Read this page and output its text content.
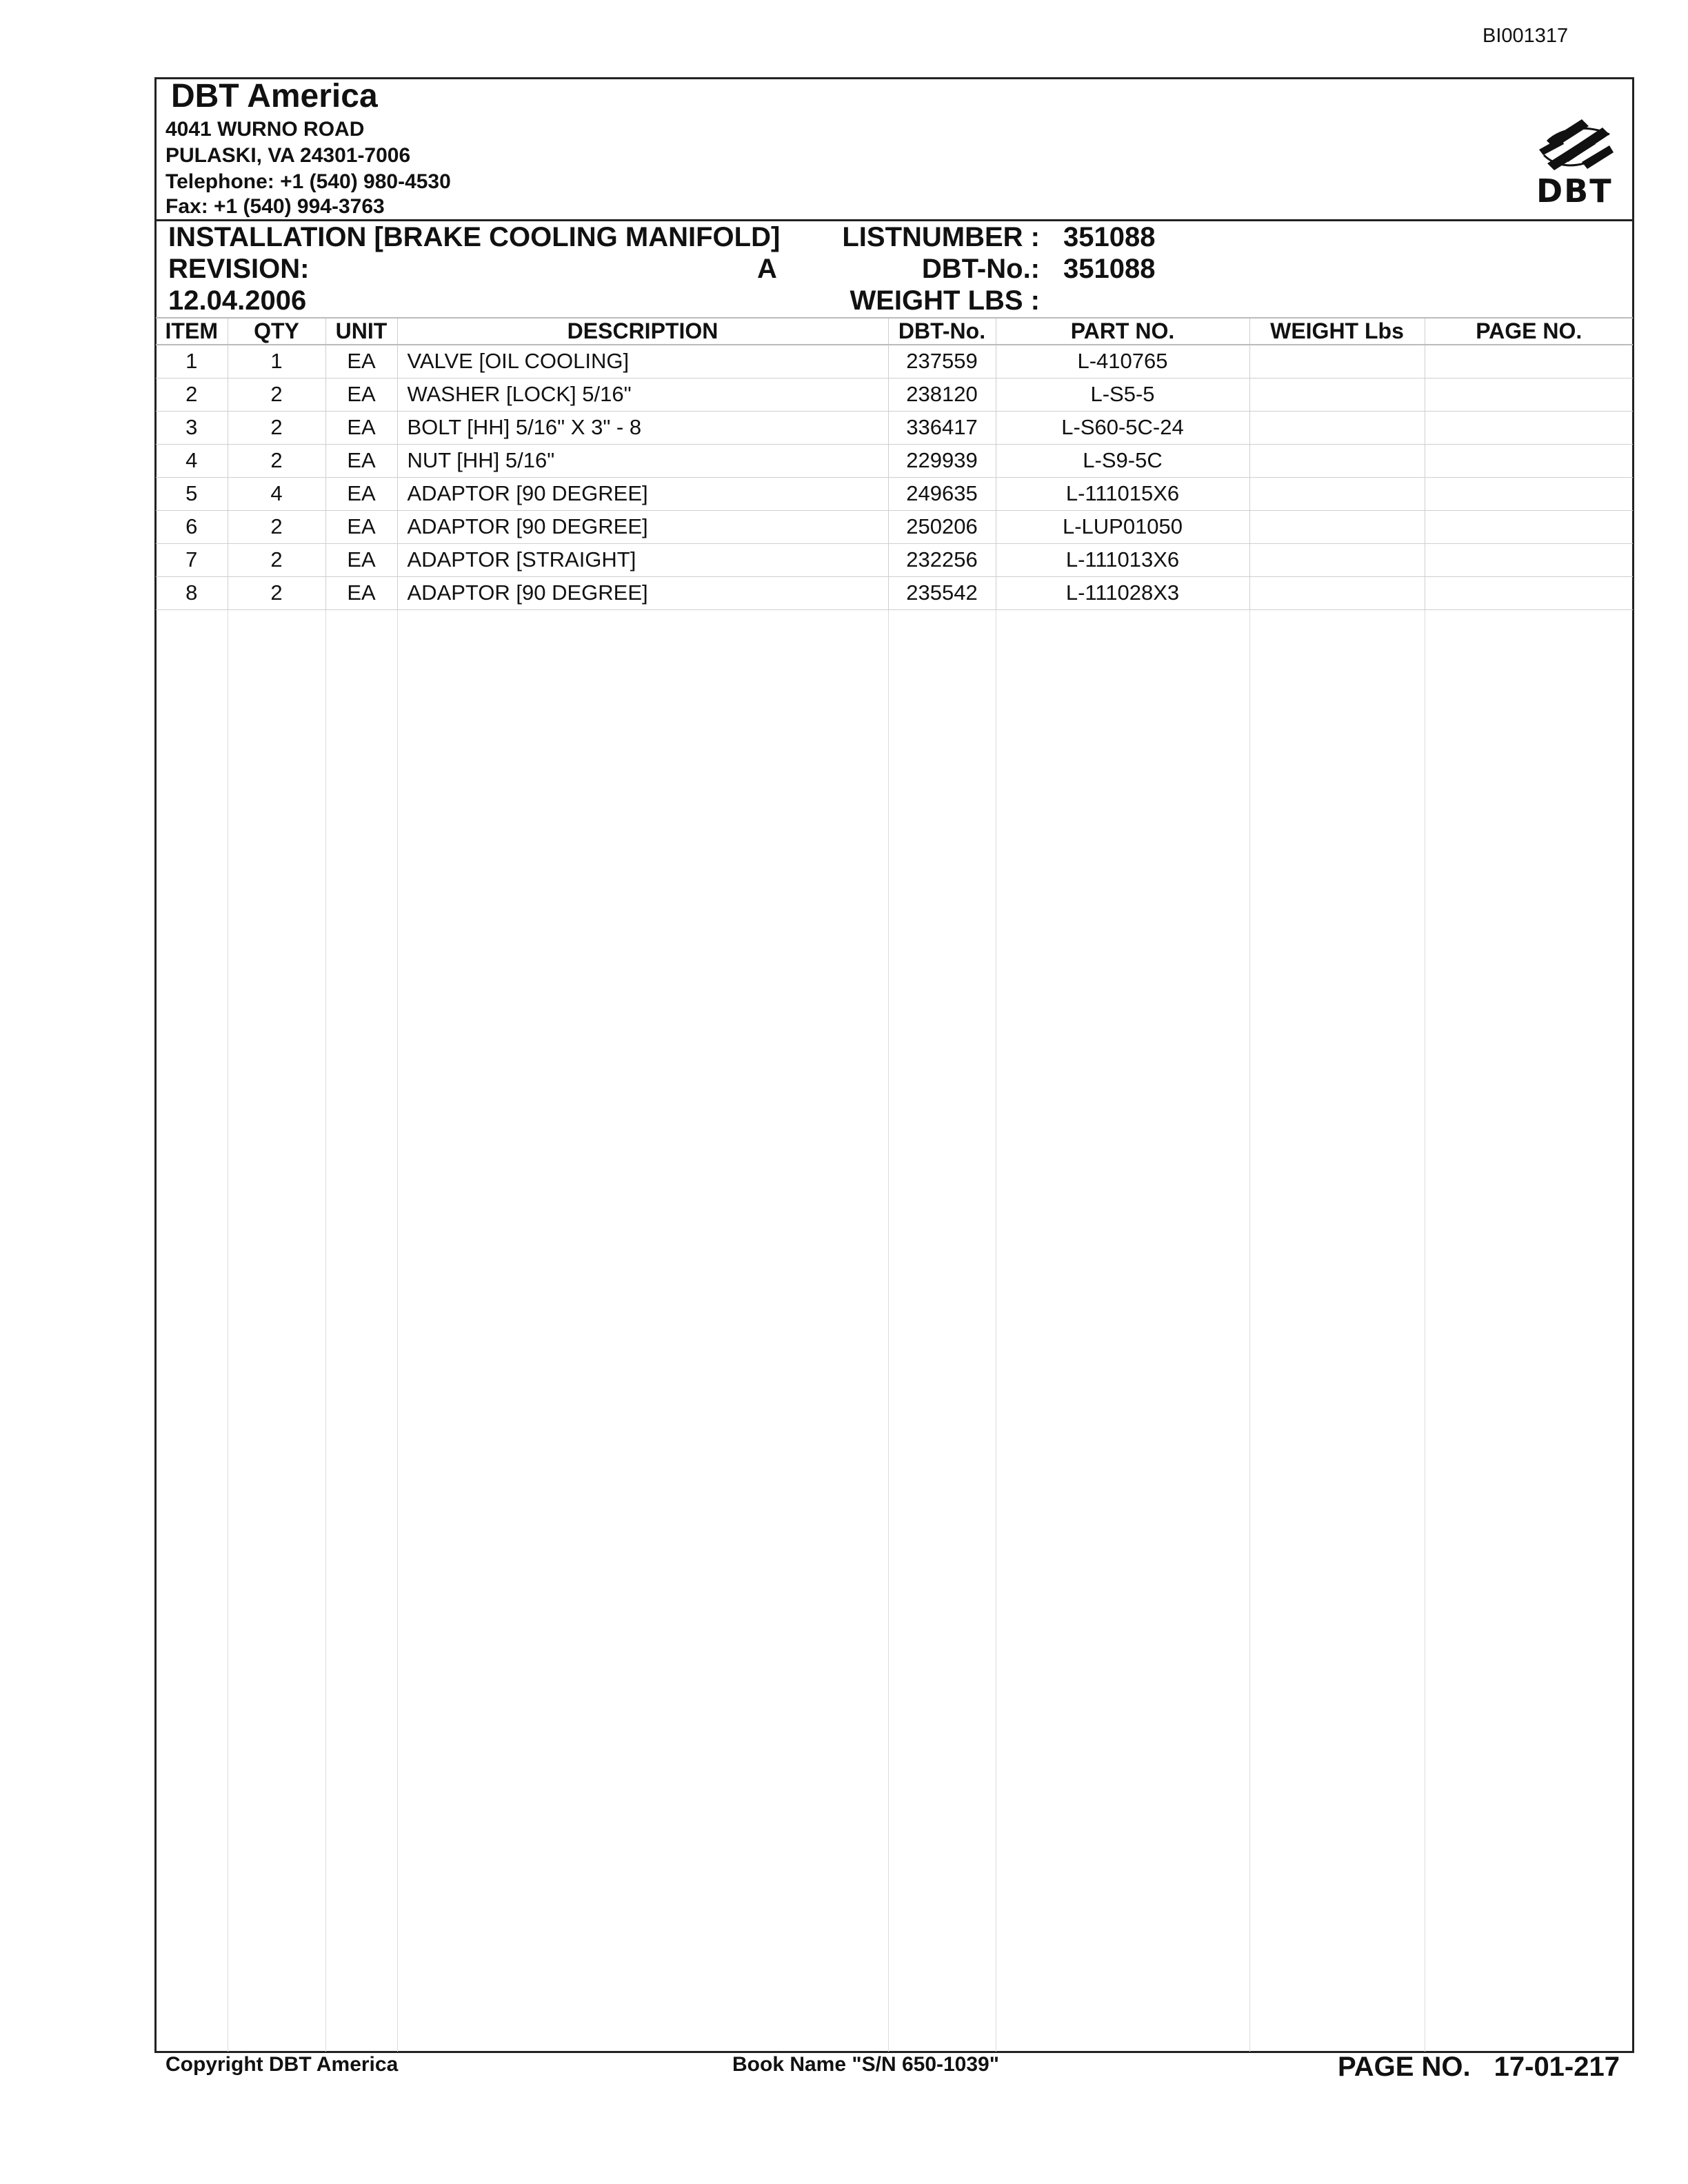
BI001317
DBT America
4041 WURNO ROAD
PULASKI, VA 24301-7006
Telephone: +1 (540) 980-4530
Fax: +1 (540) 994-3763	DBT
INSTALLATION [BRAKE COOLING MANIFOLD]
REVISION:	A
12.04.2006
LISTNUMBER : 351088
DBT-No.: 351088
WEIGHT LBS :
ITEM	QTY	UNIT	DESCRIPTION	DBT-No.	PART NO.	WEIGHT Lbs	PAGE NO.
1	1	EA	VALVE [OIL COOLING]	237559	L-410765		
2	2	EA	WASHER [LOCK] 5/16"	238120	L-S5-5		
3	2	EA	BOLT [HH] 5/16" X 3" - 8	336417	L-S60-5C-24		
4	2	EA	NUT [HH] 5/16"	229939	L-S9-5C		
5	4	EA	ADAPTOR [90 DEGREE]	249635	L-111015X6		
6	2	EA	ADAPTOR [90 DEGREE]	250206	L-LUP01050		
7	2	EA	ADAPTOR [STRAIGHT]	232256	L-111013X6		
8	2	EA	ADAPTOR [90 DEGREE]	235542	L-111028X3		
Copyright DBT America	Book Name "S/N 650-1039"	PAGE NO. 17-01-217
